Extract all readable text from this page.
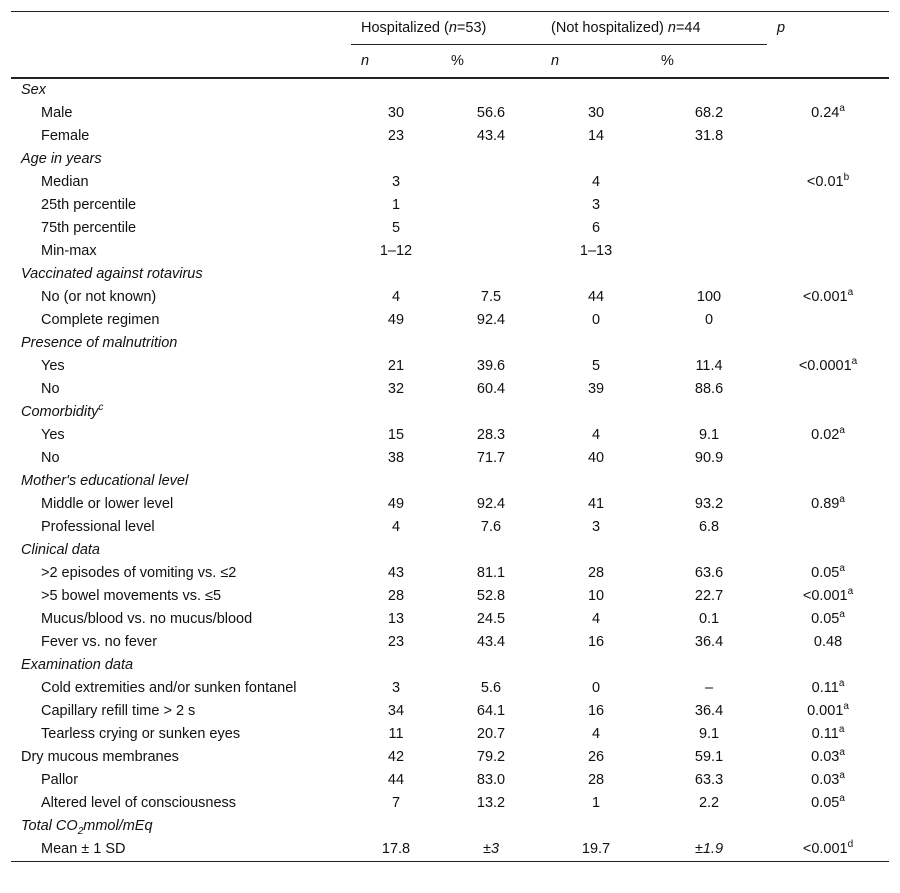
	Hospitalized (n=53)		(Not hospitalized) n=44		p
	n	%	n	%	
Sex					
Male	30	56.6	30	68.2	0.24$^a$
Female	23	43.4	14	31.8	
Age in years					
Median	3		4		<0.01$^b$
25th percentile	1		3		
75th percentile	5		6		
Min-max	1–12		1–13		
Vaccinated against rotavirus					
No (or not known)	4	7.5	44	100	<0.001$^a$
Complete regimen	49	92.4	0	0	
Presence of malnutrition					
Yes	21	39.6	5	11.4	<0.0001$^a$
No	32	60.4	39	88.6	
Comorbidity$^c$
Yes	15	28.3	4	9.1	0.02$^a$
No	38	71.7	40	90.9	
Mother's educational level					
Middle or lower level	49	92.4	41	93.2	0.89$^a$
Professional level	4	7.6	3	6.8	
Clinical data					
>2 episodes of vomiting vs. ≤2	43	81.1	28	63.6	0.05$^a$
>5 bowel movements vs. ≤5	28	52.8	10	22.7	<0.001$^a$
Mucus/blood vs. no mucus/blood	13	24.5	4	0.1	0.05$^a$
Fever vs. no fever	23	43.4	16	36.4	0.48
Examination data					
Cold extremities and/or sunken fontanel	3	5.6	0	–	0.11$^a$
Capillary refill time > 2 s	34	64.1	16	36.4	0.001$^a$
Tearless crying or sunken eyes	11	20.7	4	9.1	0.11$^a$
Dry mucous membranes	42	79.2	26	59.1	0.03$^a$
Pallor	44	83.0	28	63.3	0.03$^a$
Altered level of consciousness	7	13.2	1	2.2	0.05$^a$
Total $CO_2mmol$/mEq					
Mean ± 1 SD	17.8	±3	19.7	±1.9	<0.001$^d$
